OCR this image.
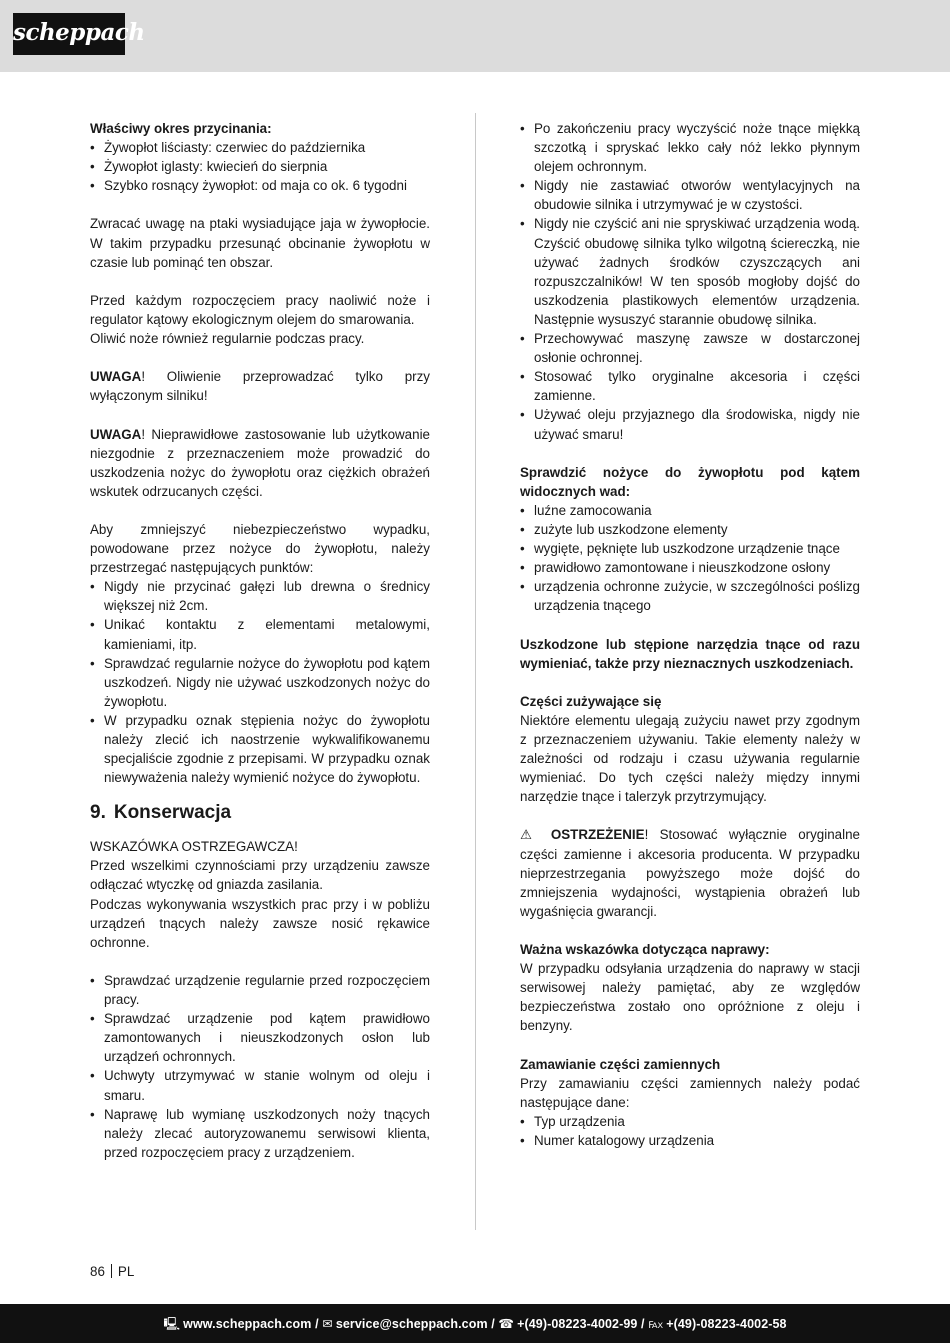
scheppach

Właściwy okres przycinania:

• Żywopłot liściasty: czerwiec do października
• Żywopłot iglasty: kwiecień do sierpnia
• Szybko rosnący żywopłot: od maja co ok. 6 tygodni

Zwracać uwagę na ptaki wysiadujące jaja w żywopłocie. W takim przypadku przesunąć obcinanie żywopłotu w czasie lub pominąć ten obszar.

Przed każdym rozpoczęciem pracy naoliwić noże i regulator kątowy ekologicznym olejem do smarowania.

Oliwić noże również regularnie podczas pracy.

UWAGA! Oliwienie przeprowadzać tylko przy wyłączonym silniku!

UWAGA! Nieprawidłowe zastosowanie lub użytkowanie niezgodnie z przeznaczeniem może prowadzić do uszkodzenia nożyc do żywopłotu oraz ciężkich obrażeń wskutek odrzucanych części.

Aby zmniejszyć niebezpieczeństwo wypadku, powodowane przez nożyce do żywopłotu, należy przestrzegać następujących punktów:

• Nigdy nie przycinać gałęzi lub drewna o średnicy większej niż 2cm.
• Unikać kontaktu z elementami metalowymi, kamieniami, itp.
• Sprawdzać regularnie nożyce do żywopłotu pod kątem uszkodzeń. Nigdy nie używać uszkodzonych nożyc do żywopłotu.
• W przypadku oznak stępienia nożyc do żywopłotu należy zlecić ich naostrzenie wykwalifikowanemu specjaliście zgodnie z przepisami. W przypadku oznak niewyważenia należy wymienić nożyce do żywopłotu.
9. Konserwacja

WSKAZÓWKA OSTRZEGAWCZA!

Przed wszelkimi czynnościami przy urządzeniu zawsze odłączać wtyczkę od gniazda zasilania.

Podczas wykonywania wszystkich prac przy i w pobliżu urządzeń tnących należy zawsze nosić rękawice ochronne.

• Sprawdzać urządzenie regularnie przed rozpoczęciem pracy.
• Sprawdzać urządzenie pod kątem prawidłowo zamontowanych i nieuszkodzonych osłon lub urządzeń ochronnych.
• Uchwyty utrzymywać w stanie wolnym od oleju i smaru.
• Naprawę lub wymianę uszkodzonych noży tnących należy zlecać autoryzowanemu serwisowi klienta, przed rozpoczęciem pracy z urządzeniem.
• Po zakończeniu pracy wyczyścić noże tnące miękką szczotką i spryskać lekko cały nóż lekko płynnym olejem ochronnym.
• Nigdy nie zastawiać otworów wentylacyjnych na obudowie silnika i utrzymywać je w czystości.
• Nigdy nie czyścić ani nie spryskiwać urządzenia wodą. Czyścić obudowę silnika tylko wilgotną ściereczką, nie używać żadnych środków czyszczących ani rozpuszczalników! W ten sposób mogłoby dojść do uszkodzenia plastikowych elementów urządzenia. Następnie wysuszyć starannie obudowę silnika.
• Przechowywać maszynę zawsze w dostarczonej osłonie ochronnej.
• Stosować tylko oryginalne akcesoria i części zamienne.
• Używać oleju przyjaznego dla środowiska, nigdy nie używać smaru!

Sprawdzić nożyce do żywopłotu pod kątem widocznych wad:

• luźne zamocowania
• zużyte lub uszkodzone elementy
• wygięte, pęknięte lub uszkodzone urządzenie tnące
• prawidłowo zamontowane i nieuszkodzone osłony
• urządzenia ochronne zużycie, w szczególności poślizg urządzenia tnącego

Uszkodzone lub stępione narzędzia tnące od razu wymieniać, także przy nieznacznych uszkodzeniach.

Części zużywające się

Niektóre elementu ulegają zużyciu nawet przy zgodnym z przeznaczeniem używaniu. Takie elementy należy w zależności od rodzaju i czasu używania regularnie wymieniać. Do tych części należy między innymi narzędzie tnące i talerzyk przytrzymujący.

⚠ OSTRZEŻENIE! Stosować wyłącznie oryginalne części zamienne i akcesoria producenta. W przypadku nieprzestrzegania powyższego może dojść do zmniejszenia wydajności, wystąpienia obrażeń lub wygaśnięcia gwarancji.

Ważna wskazówka dotycząca naprawy:

W przypadku odsyłania urządzenia do naprawy w stacji serwisowej należy pamiętać, aby ze względów bezpieczeństwa zostało ono opróżnione z oleju i benzyny.

Zamawianie części zamiennych

Przy zamawianiu części zamiennych należy podać następujące dane:

• Typ urządzenia
• Numer katalogowy urządzenia
86 PL
🖳 www.scheppach.com / ✉ service@scheppach.com / ☎ +(49)-08223-4002-99 / ℻ +(49)-08223-4002-58
